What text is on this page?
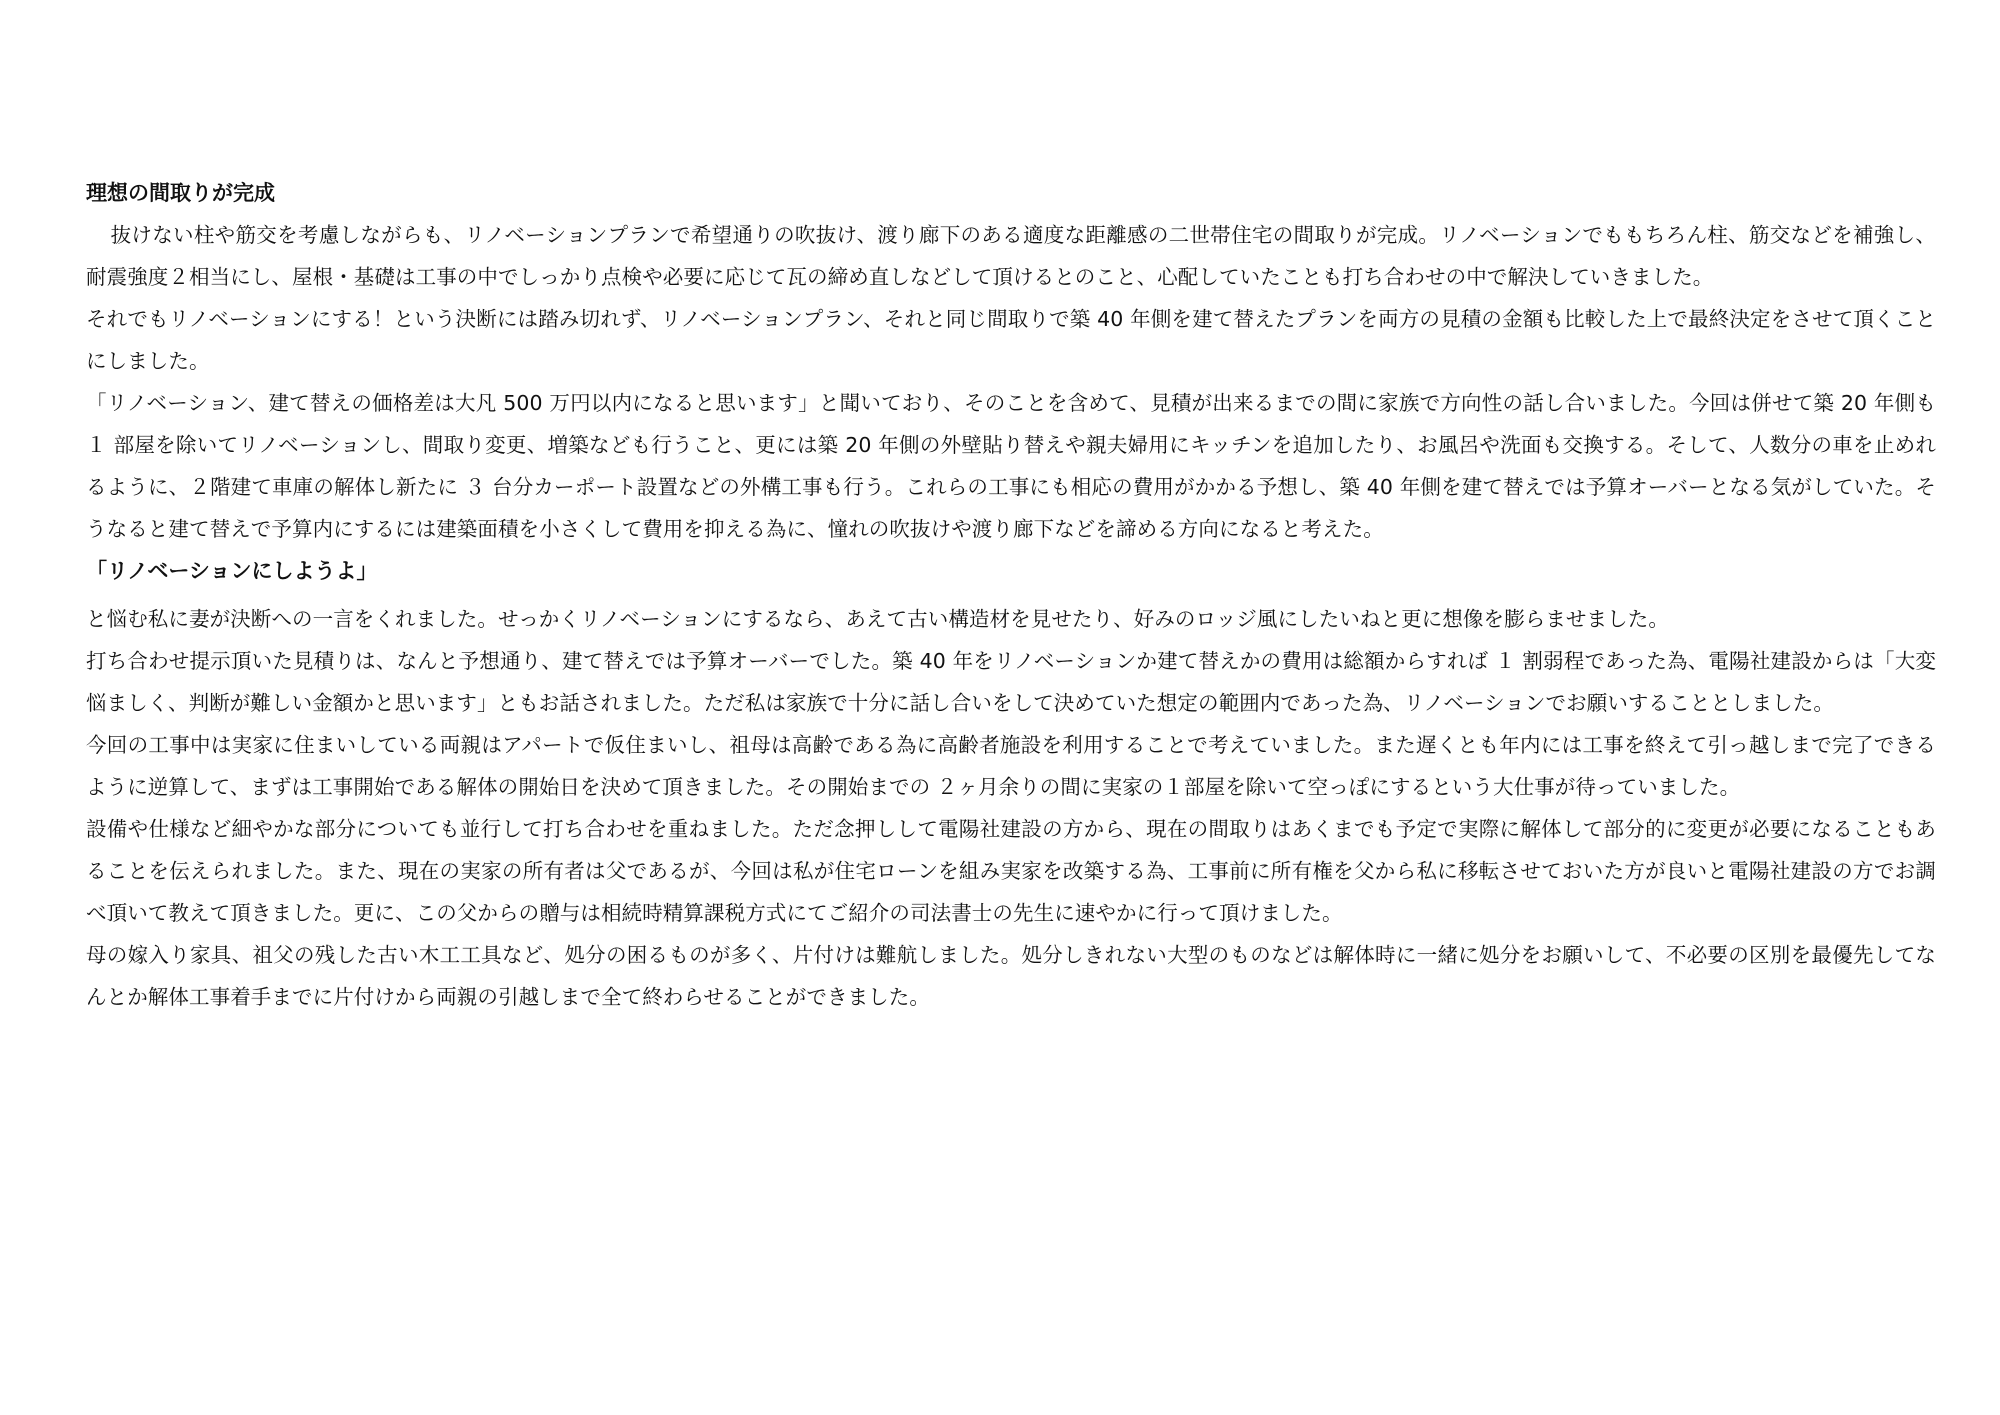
理想の間取りが完成

抜けない柱や筋交を考慮しながらも、リノベーションプランで希望通りの吹抜け、渡り廊下のある適度な距離感の二世帯住宅の間取りが完成。リノベーションでももちろん柱、筋交などを補強し、耐震強度２相当にし、屋根・基礎は工事の中でしっかり点検や必要に応じて瓦の締め直しなどして頂けるとのこと、心配していたことも打ち合わせの中で解決していきました。

それでもリノベーションにする！という決断には踏み切れず、リノベーションプラン、それと同じ間取りで築 40 年側を建て替えたプランを両方の見積の金額も比較した上で最終決定をさせて頂くことにしました。

「リノベーション、建て替えの価格差は大凡 500 万円以内になると思います」と聞いており、そのことを含めて、見積が出来るまでの間に家族で方向性の話し合いました。今回は併せて築 20 年側も １ 部屋を除いてリノベーションし、間取り変更、増築なども行うこと、更には築 20 年側の外壁貼り替えや親夫婦用にキッチンを追加したり、お風呂や洗面も交換する。そして、人数分の車を止めれるように、２階建て車庫の解体し新たに ３ 台分カーポート設置などの外構工事も行う。これらの工事にも相応の費用がかかる予想し、築 40 年側を建て替えでは予算オーバーとなる気がしていた。そうなると建て替えで予算内にするには建築面積を小さくして費用を抑える為に、憧れの吹抜けや渡り廊下などを諦める方向になると考えた。

「リノベーションにしようよ」

と悩む私に妻が決断への一言をくれました。せっかくリノベーションにするなら、あえて古い構造材を見せたり、好みのロッジ風にしたいねと更に想像を膨らませました。

打ち合わせ提示頂いた見積りは、なんと予想通り、建て替えでは予算オーバーでした。築 40 年をリノベーションか建て替えかの費用は総額からすれば １ 割弱程であった為、電陽社建設からは「大変悩ましく、判断が難しい金額かと思います」ともお話されました。ただ私は家族で十分に話し合いをして決めていた想定の範囲内であった為、リノベーションでお願いすることとしました。

今回の工事中は実家に住まいしている両親はアパートで仮住まいし、祖母は高齢である為に高齢者施設を利用することで考えていました。また遅くとも年内には工事を終えて引っ越しまで完了できるように逆算して、まずは工事開始である解体の開始日を決めて頂きました。その開始までの ２ヶ月余りの間に実家の１部屋を除いて空っぽにするという大仕事が待っていました。

設備や仕様など細やかな部分についても並行して打ち合わせを重ねました。ただ念押しして電陽社建設の方から、現在の間取りはあくまでも予定で実際に解体して部分的に変更が必要になることもあることを伝えられました。また、現在の実家の所有者は父であるが、今回は私が住宅ローンを組み実家を改築する為、工事前に所有権を父から私に移転させておいた方が良いと電陽社建設の方でお調べ頂いて教えて頂きました。更に、この父からの贈与は相続時精算課税方式にてご紹介の司法書士の先生に速やかに行って頂けました。

母の嫁入り家具、祖父の残した古い木工工具など、処分の困るものが多く、片付けは難航しました。処分しきれない大型のものなどは解体時に一緒に処分をお願いして、不必要の区別を最優先してなんとか解体工事着手までに片付けから両親の引越しまで全て終わらせることができました。
